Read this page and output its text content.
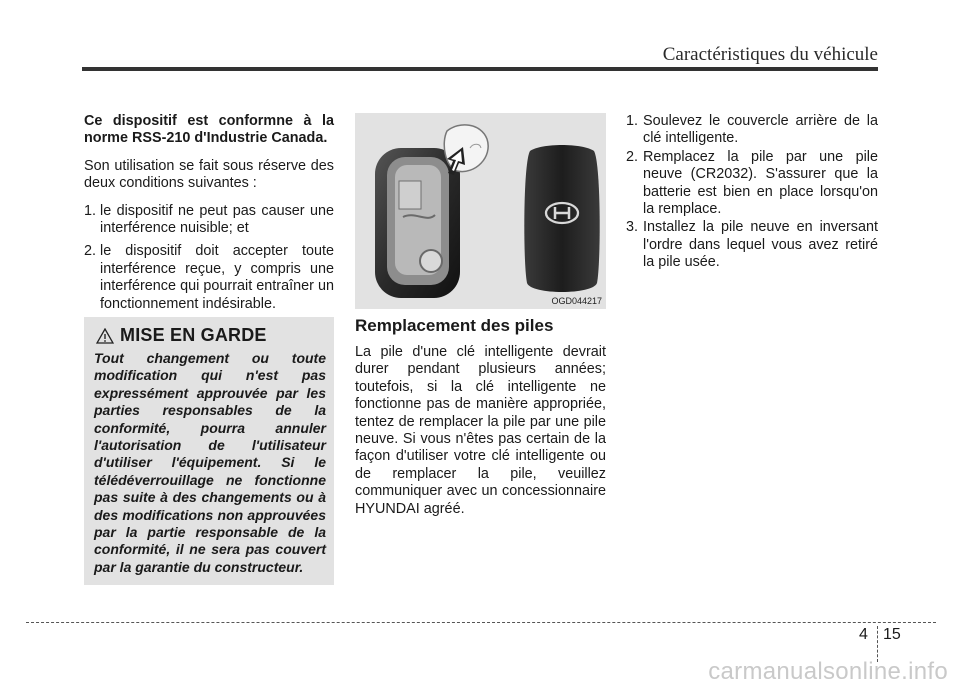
Caractéristiques du véhicule

Ce dispositif est conformne à la norme RSS-210 d'Industrie Canada.

Son utilisation se fait sous réserve des deux conditions suivantes :

1. le dispositif ne peut pas causer une interférence nuisible; et
2. le dispositif doit accepter toute interférence reçue, y compris une interférence qui pourrait entraîner un fonctionnement indésirable.
MISE EN GARDE
Tout changement ou toute modification qui n'est pas expressément approuvée par les parties responsables de la conformité, pourra annuler l'autorisation de l'utilisateur d'utiliser l'équipement. Si le télédéverrouillage ne fonctionne pas suite à des changements ou à des modifications non approuvées par la partie responsable de la conformité, il ne sera pas couvert par la garantie du constructeur.
OGD044217
Remplacement des piles

La pile d'une clé intelligente devrait durer pendant plusieurs années; toutefois, si la clé intelligente ne fonctionne pas de manière appropriée, tentez de remplacer la pile par une pile neuve. Si vous n'êtes pas certain de la façon d'utiliser votre clé intelligente ou de remplacer la pile, veuillez communiquer avec un concessionnaire HYUNDAI agréé.

1. Soulevez le couvercle arrière de la clé intelligente.
2. Remplacez la pile par une pile neuve (CR2032). S'assurer que la batterie est bien en place lorsqu'on la remplace.
3. Installez la pile neuve en inversant l'ordre dans lequel vous avez retiré la pile usée.
4 15
carmanualsonline.info
